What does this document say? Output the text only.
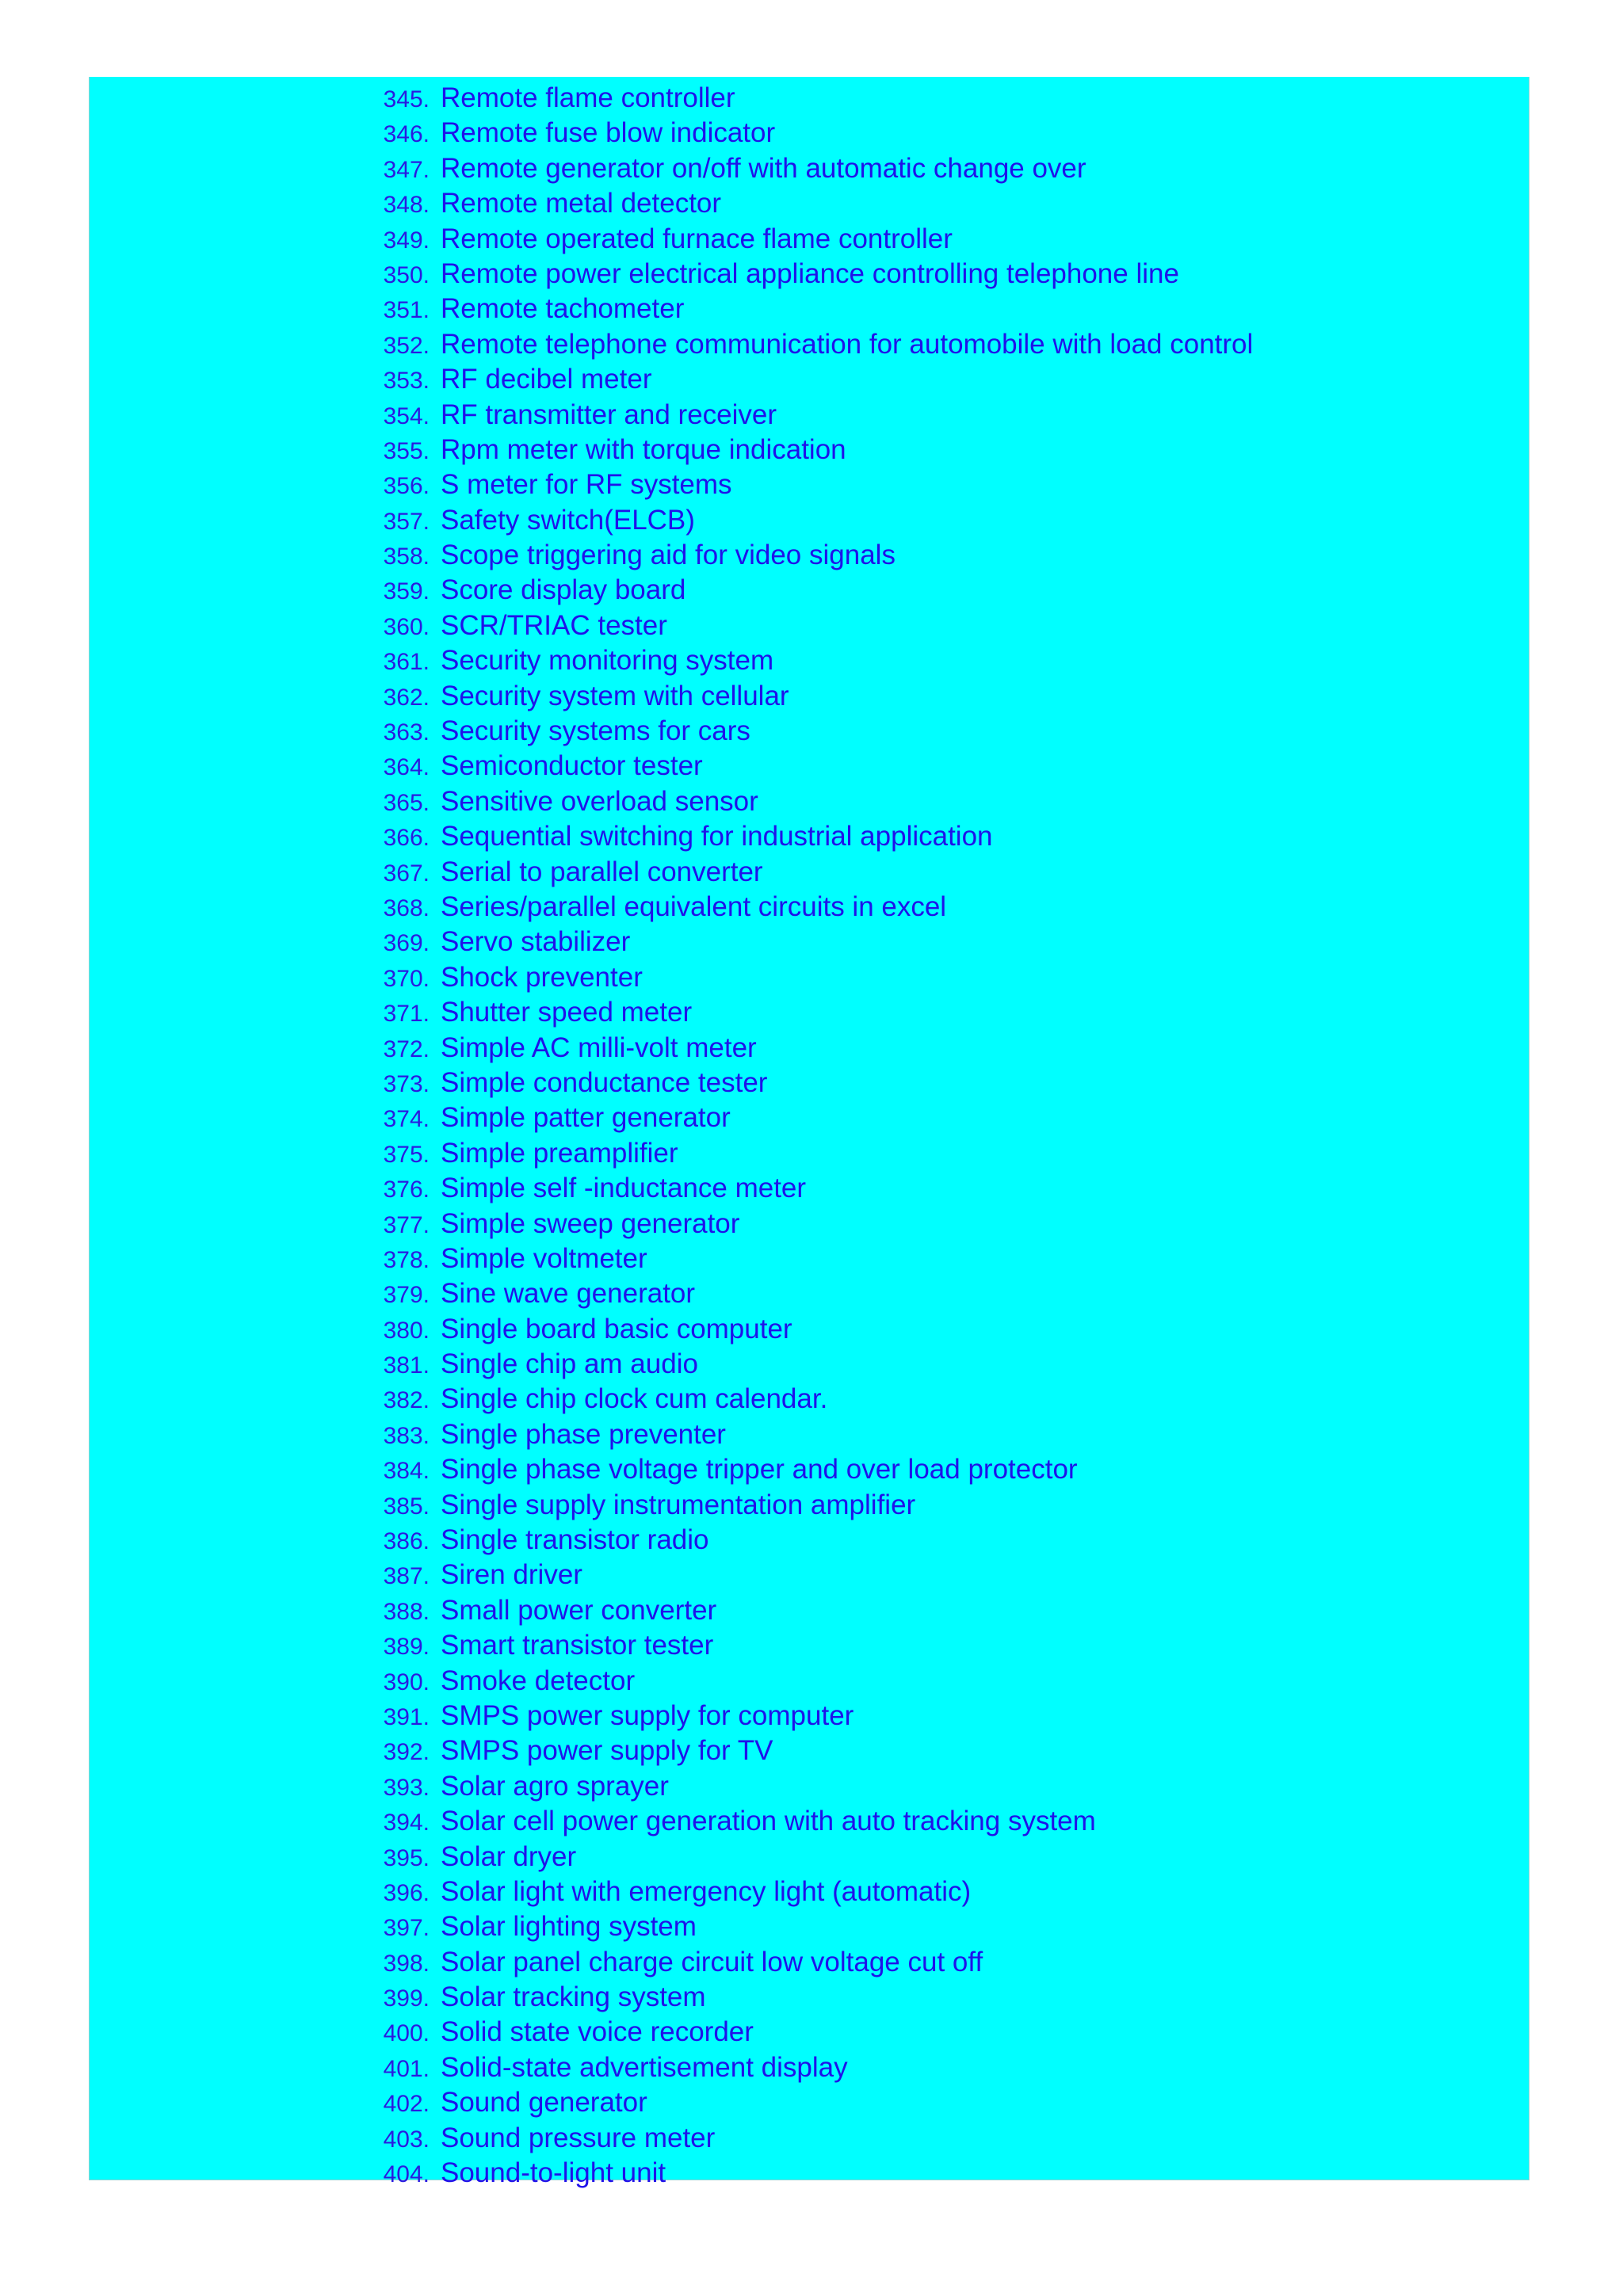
345. Remote flame controller
346. Remote fuse blow indicator
347. Remote generator on/off with automatic change over
348. Remote metal detector
349. Remote operated furnace flame controller
350. Remote power electrical appliance controlling telephone line
351. Remote tachometer
352. Remote telephone communication for automobile with load control
353. RF decibel meter
354. RF transmitter and receiver
355. Rpm meter with torque indication
356. S meter for RF systems
357. Safety switch(ELCB)
358. Scope triggering aid for video signals
359. Score display board
360. SCR/TRIAC tester
361. Security monitoring system
362. Security system with cellular
363. Security systems for cars
364. Semiconductor tester
365. Sensitive overload sensor
366. Sequential switching for industrial application
367. Serial to parallel converter
368. Series/parallel equivalent circuits in excel
369. Servo stabilizer
370. Shock preventer
371. Shutter speed meter
372. Simple AC milli-volt meter
373. Simple conductance tester
374. Simple patter generator
375. Simple preamplifier
376. Simple self -inductance meter
377. Simple sweep generator
378. Simple voltmeter
379. Sine wave generator
380. Single board basic computer
381. Single chip am audio
382. Single chip clock cum calendar.
383. Single phase preventer
384. Single phase voltage tripper and over load protector
385. Single supply instrumentation amplifier
386. Single transistor radio
387. Siren driver
388. Small power converter
389. Smart transistor tester
390. Smoke detector
391. SMPS power supply for computer
392. SMPS power supply for TV
393. Solar agro sprayer
394. Solar cell power generation with auto tracking system
395. Solar dryer
396. Solar light with emergency light (automatic)
397. Solar lighting system
398. Solar panel charge circuit low voltage cut off
399. Solar tracking system
400. Solid state voice recorder
401. Solid-state advertisement display
402. Sound generator
403. Sound pressure meter
404. Sound-to-light unit
